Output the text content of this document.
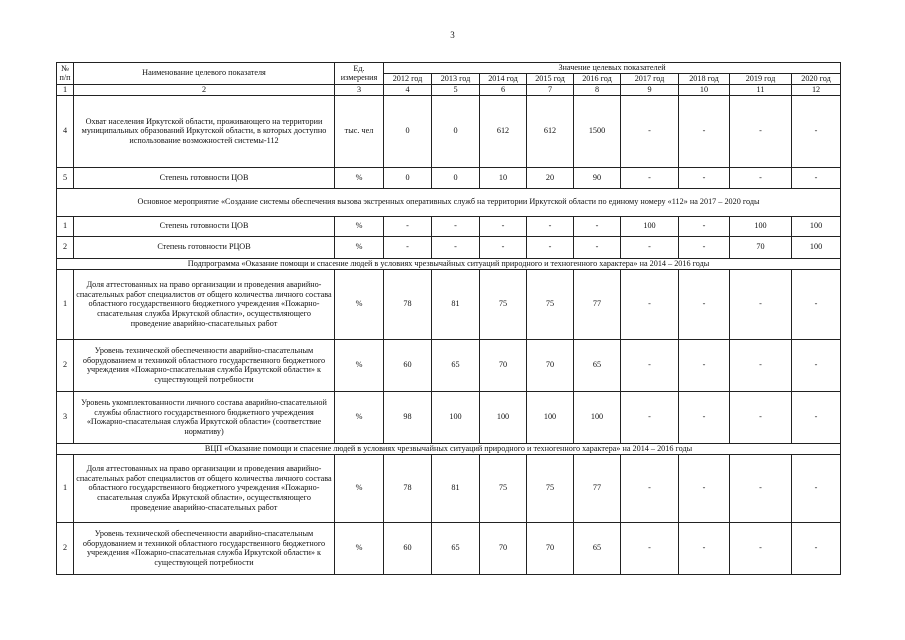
3
№ п/п	Наименование целевого показателя	Ед. измерения	Значение целевых показателей								
			2012 год	2013 год	2014 год	2015 год	2016 год	2017 год	2018 год	2019 год	2020 год
1	2	3	4	5	6	7	8	9	10	11	12
4	Охват населения Иркутской области, проживающего на территории муниципальных образований Иркутской области, в которых доступно использование возможностей системы-112	тыс. чел	0	0	612	612	1500	-	-	-	-
5	Степень готовности ЦОВ	%	0	0	10	20	90	-	-	-	-
Основное мероприятие «Создание системы обеспечения вызова экстренных оперативных служб на территории Иркутской области по единому номеру «112» на 2017 – 2020 годы											
1	Степень готовности ЦОВ	%	-	-	-	-	-	100	-	100	100
2	Степень готовности РЦОВ	%	-	-	-	-	-	-	-	70	100
Подпрограмма «Оказание помощи и спасение людей в условиях чрезвычайных ситуаций природного и техногенного характера» на 2014 – 2016 годы											
1	Доля аттестованных на право организации и проведения аварийно-спасательных работ специалистов от общего количества личного состава областного государственного бюджетного учреждения «Пожарно-спасательная служба Иркутской области», осуществляющего проведение аварийно-спасательных работ	%	78	81	75	75	77	-	-	-	-
2	Уровень технической обеспеченности аварийно-спасательным оборудованием и техникой областного государственного бюджетного учреждения «Пожарно-спасательная служба Иркутской области» к существующей потребности	%	60	65	70	70	65	-	-	-	-
3	Уровень укомплектованности личного состава аварийно-спасательной службы областного государственного бюджетного учреждения «Пожарно-спасательная служба Иркутской области» (соответствие нормативу)	%	98	100	100	100	100	-	-	-	-
ВЦП «Оказание помощи и спасение людей в условиях чрезвычайных ситуаций природного и техногенного характера» на 2014 – 2016 годы											
1	Доля аттестованных на право организации и проведения аварийно-спасательных работ специалистов от общего количества личного состава областного государственного бюджетного учреждения «Пожарно-спасательная служба Иркутской области», осуществляющего проведение аварийно-спасательных работ	%	78	81	75	75	77	-	-	-	-
2	Уровень технической обеспеченности аварийно-спасательным оборудованием и техникой областного государственного бюджетного учреждения «Пожарно-спасательная служба Иркутской области» к существующей потребности	%	60	65	70	70	65	-	-	-	-
